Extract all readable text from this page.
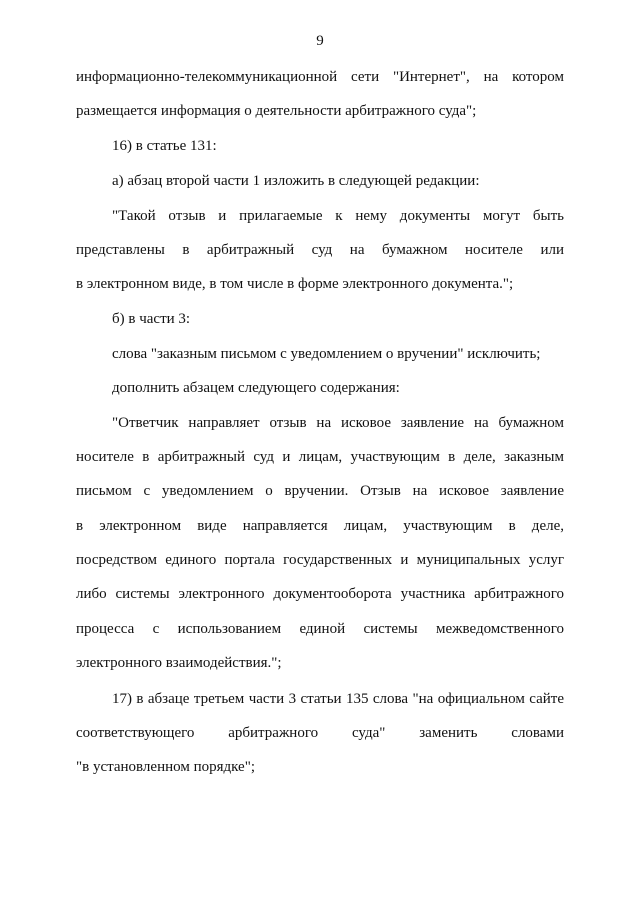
9
информационно-телекоммуникационной сети "Интернет", на котором
размещается информация о деятельности арбитражного суда";
16) в статье 131:
а) абзац второй части 1 изложить в следующей редакции:
"Такой отзыв и прилагаемые к нему документы могут быть
представлены в арбитражный суд на бумажном носителе или
в электронном виде, в том числе в форме электронного документа.";
б) в части 3:
слова "заказным письмом с уведомлением о вручении" исключить;
дополнить абзацем следующего содержания:
"Ответчик направляет отзыв на исковое заявление на бумажном
носителе в арбитражный суд и лицам, участвующим в деле, заказным
письмом с уведомлением о вручении. Отзыв на исковое заявление
в электронном виде направляется лицам, участвующим в деле,
посредством единого портала государственных и муниципальных услуг
либо системы электронного документооборота участника арбитражного
процесса с использованием единой системы межведомственного
электронного взаимодействия.";
17) в абзаце третьем части 3 статьи 135 слова "на официальном сайте
соответствующего арбитражного суда" заменить словами
"в установленном порядке";
